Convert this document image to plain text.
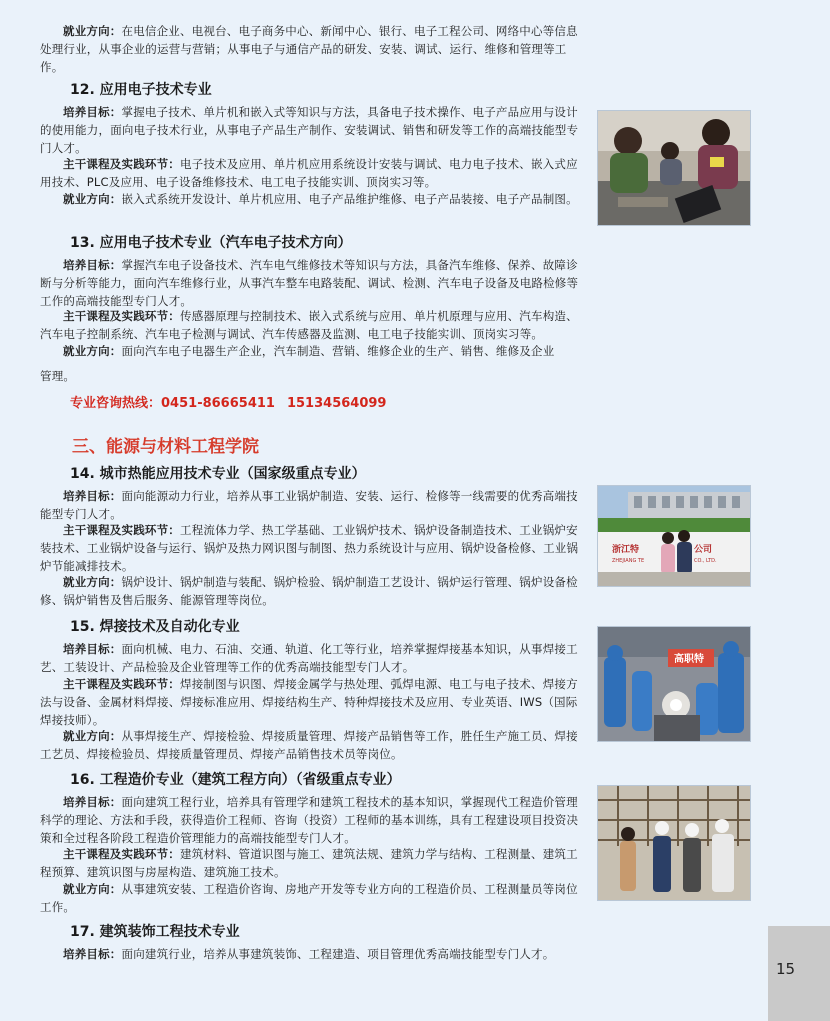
就业方向：在电信企业、电视台、电子商务中心、新闻中心、银行、电子工程公司、网络中心等信息处理行业，从事企业的运营与营销；从事电子与通信产品的研发、安装、调试、运行、维修和管理等工作。

12. 应用电子技术专业

培养目标：掌握电子技术、单片机和嵌入式等知识与方法，具备电子技术操作、电子产品应用与设计的使用能力，面向电子技术行业，从事电子产品生产制作、安装调试、销售和研发等工作的高端技能型专门人才。

主干课程及实践环节：电子技术及应用、单片机应用系统设计安装与调试、电力电子技术、嵌入式应用技术、PLC及应用、电子设备维修技术、电工电子技能实训、顶岗实习等。

就业方向：嵌入式系统开发设计、单片机应用、电子产品维护维修、电子产品装接、电子产品制图。

13. 应用电子技术专业（汽车电子技术方向）

培养目标：掌握汽车电子设备技术、汽车电气维修技术等知识与方法，具备汽车维修、保养、故障诊断与分析等能力，面向汽车维修行业，从事汽车整车电路装配、调试、检测、汽车电子设备及电路检修等工作的高端技能型专门人才。

主干课程及实践环节：传感器原理与控制技术、嵌入式系统与应用、单片机原理与应用、汽车构造、汽车电子控制系统、汽车电子检测与调试、汽车传感器及监测、电工电子技能实训、顶岗实习等。

就业方向：面向汽车电子电器生产企业，汽车制造、营销、维修企业的生产、销售、维修及企业

管理。

专业咨询热线：0451-86665411 15134564099
三、能源与材料工程学院
14. 城市热能应用技术专业（国家级重点专业）

培养目标：面向能源动力行业，培养从事工业锅炉制造、安装、运行、检修等一线需要的优秀高端技能型专门人才。

主干课程及实践环节：工程流体力学、热工学基础、工业锅炉技术、锅炉设备制造技术、工业锅炉安装技术、工业锅炉设备与运行、锅炉及热力网识图与制图、热力系统设计与应用、锅炉设备检修、工业锅炉节能减排技术。

就业方向：锅炉设计、锅炉制造与装配、锅炉检验、锅炉制造工艺设计、锅炉运行管理、锅炉设备检修、锅炉销售及售后服务、能源管理等岗位。

15. 焊接技术及自动化专业

培养目标：面向机械、电力、石油、交通、轨道、化工等行业，培养掌握焊接基本知识，从事焊接工艺、工装设计、产品检验及企业管理等工作的优秀高端技能型专门人才。

主干课程及实践环节：焊接制图与识图、焊接金属学与热处理、弧焊电源、电工与电子技术、焊接方法与设备、金属材料焊接、焊接标准应用、焊接结构生产、特种焊接技术及应用、专业英语、IWS（国际焊接技师）。

就业方向：从事焊接生产、焊接检验、焊接质量管理、焊接产品销售等工作，胜任生产施工员、焊接工艺员、焊接检验员、焊接质量管理员、焊接产品销售技术员等岗位。

16. 工程造价专业（建筑工程方向）（省级重点专业）

培养目标：面向建筑工程行业，培养具有管理学和建筑工程技术的基本知识，掌握现代工程造价管理科学的理论、方法和手段，获得造价工程师、咨询（投资）工程师的基本训练，具有工程建设项目投资决策和全过程各阶段工程造价管理能力的高端技能型专门人才。

主干课程及实践环节：建筑材料、管道识图与施工、建筑法规、建筑力学与结构、工程测量、建筑工程预算、建筑识图与房屋构造、建筑施工技术。

就业方向：从事建筑安装、工程造价咨询、房地产开发等专业方向的工程造价员、工程测量员等岗位工作。

17. 建筑装饰工程技术专业

培养目标：面向建筑行业，培养从事建筑装饰、工程建造、项目管理优秀高端技能型专门人才。

浙江特	公司
ZHEJIANG TE	CO., LTD.
高职特
15
